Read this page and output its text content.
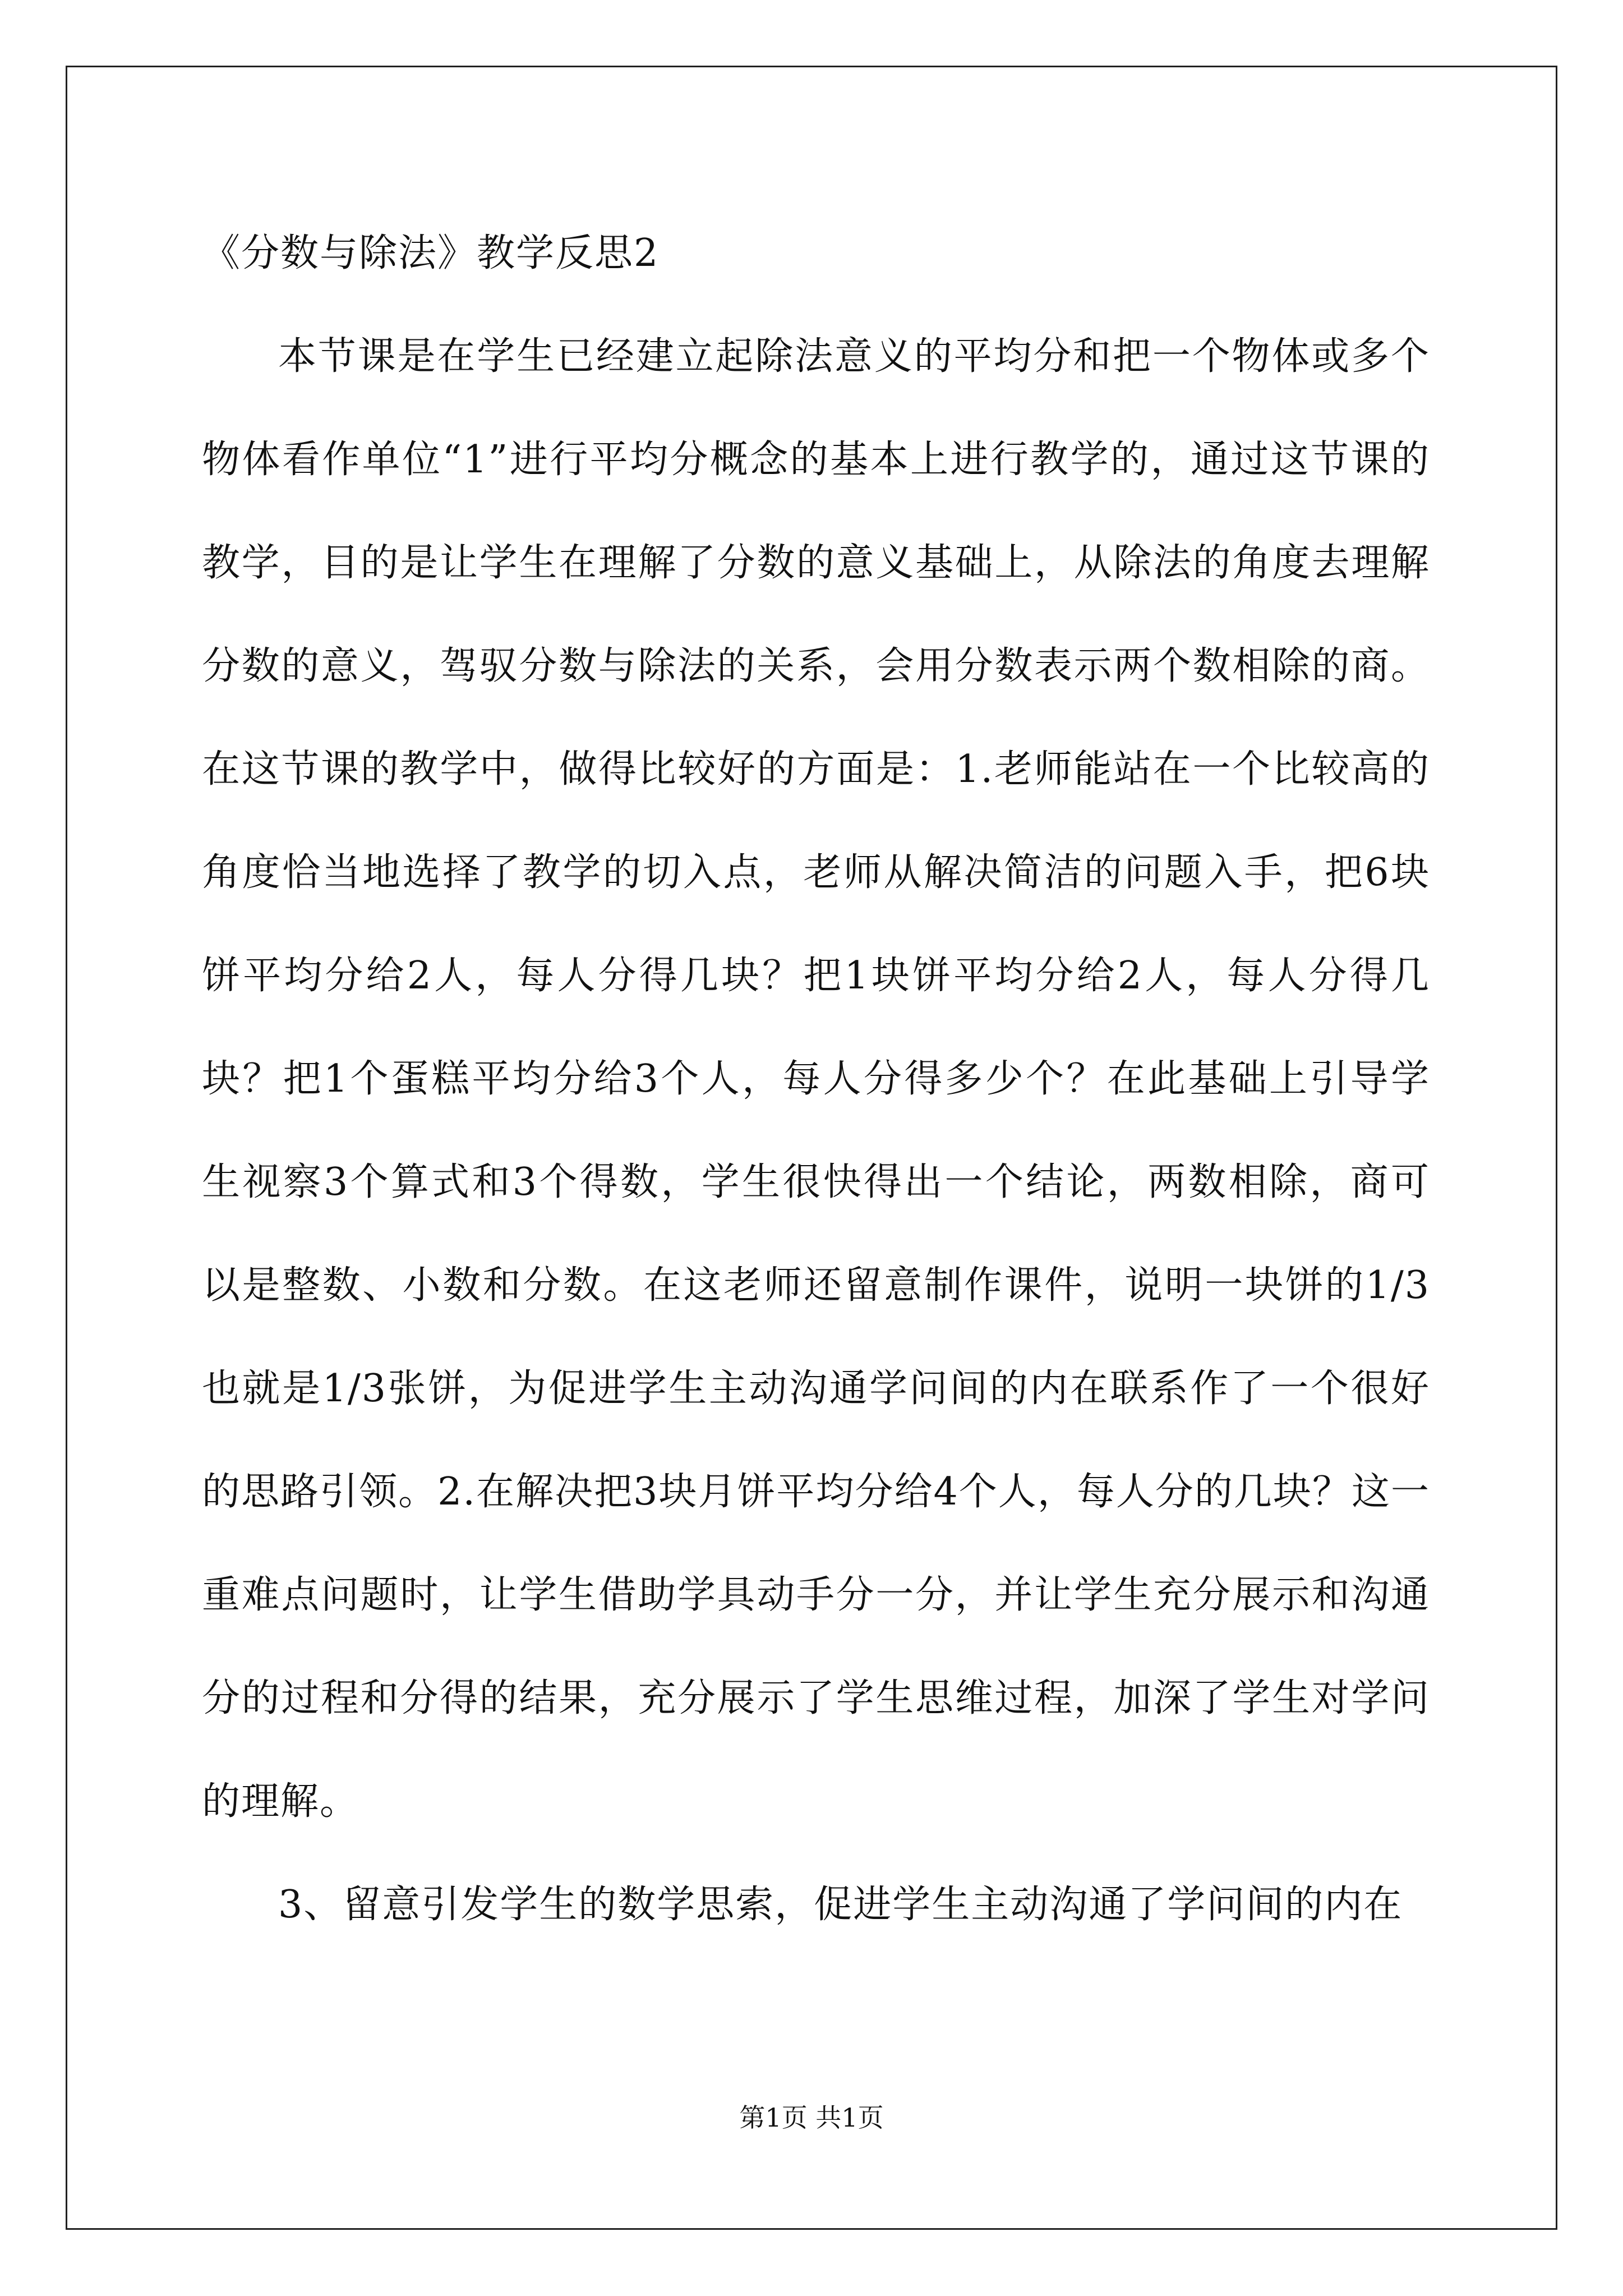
《分数与除法》教学反思2

本节课是在学生已经建立起除法意义的平均分和把一个物体或多个物体看作单位“1”进行平均分概念的基本上进行教学的，通过这节课的教学，目的是让学生在理解了分数的意义基础上，从除法的角度去理解分数的意义，驾驭分数与除法的关系，会用分数表示两个数相除的商。 在这节课的教学中，做得比较好的方面是：1.老师能站在一个比较高的角度恰当地选择了教学的切入点，老师从解决简洁的问题入手，把6块饼平均分给2人，每人分得几块？把1块饼平均分给2人，每人分得几块？把1个蛋糕平均分给3个人，每人分得多少个？在此基础上引导学生视察3个算式和3个得数，学生很快得出一个结论，两数相除，商可以是整数、小数和分数。在这老师还留意制作课件，说明一块饼的1/3也就是1/3张饼，为促进学生主动沟通学问间的内在联系作了一个很好的思路引领。2.在解决把3块月饼平均分给4个人，每人分的几块？这一重难点问题时，让学生借助学具动手分一分，并让学生充分展示和沟通分的过程和分得的结果，充分展示了学生思维过程，加深了学生对学问的理解。

3、留意引发学生的数学思索，促进学生主动沟通了学问间的内在

第1页 共1页
